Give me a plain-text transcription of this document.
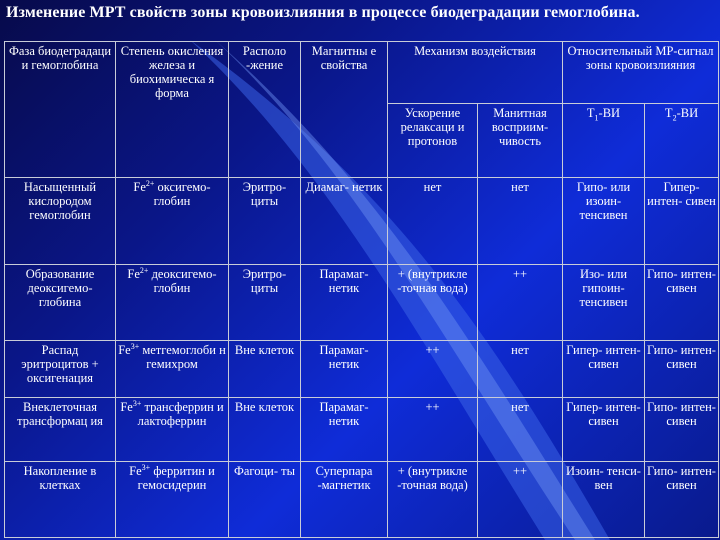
Изменение МРТ свойств зоны кровоизлияния в процессе биодеградации гемоглобина.
Фаза биодеградаци и гемоглобина	Степень окисления железа и биохимическа я форма	Располо -жение	Магнитны е свойства	Механизм воздействия		Относительный МР-сигнал зоны кровоизлияния	
				Ускорение релаксаци и протонов	Манитная восприим- чивость	$T_1-ВИ$	$T_2-ВИ$
Насыщенный кислородом гемоглобин	$Fe^{2+}$ оксигемо- глобин	Эритро- циты	Диамаг- нетик	нет	нет	Гипо- или изоин- тенсивен	Гипер- интен- сивен
Образование деоксигемо- глобина	$Fe^{2+}$ деоксигемо- глобин	Эритро- циты	Парамаг- нетик	+ (внутрикле -точная вода)	++	Изо- или гипоин- тенсивен	Гипо- интен- сивен
Распад эритроцитов + оксигенация	$Fe^{3+}$ метгемоглоби н гемихром	Вне клеток	Парамаг- нетик	++	нет	Гипер- интен- сивен	Гипо- интен- сивен
Внеклеточная трансформац ия	$Fe^{3+}$ трансферрин и лактоферрин	Вне клеток	Парамаг- нетик	++	нет	Гипер- интен- сивен	Гипо- интен- сивен
Накопление в клетках	$Fe^{3+}$ ферритин и гемосидерин	Фагоци- ты	Суперпара -магнетик	+ (внутрикле -точная вода)	++	Изоин- тенси- вен	Гипо- интен- сивен
